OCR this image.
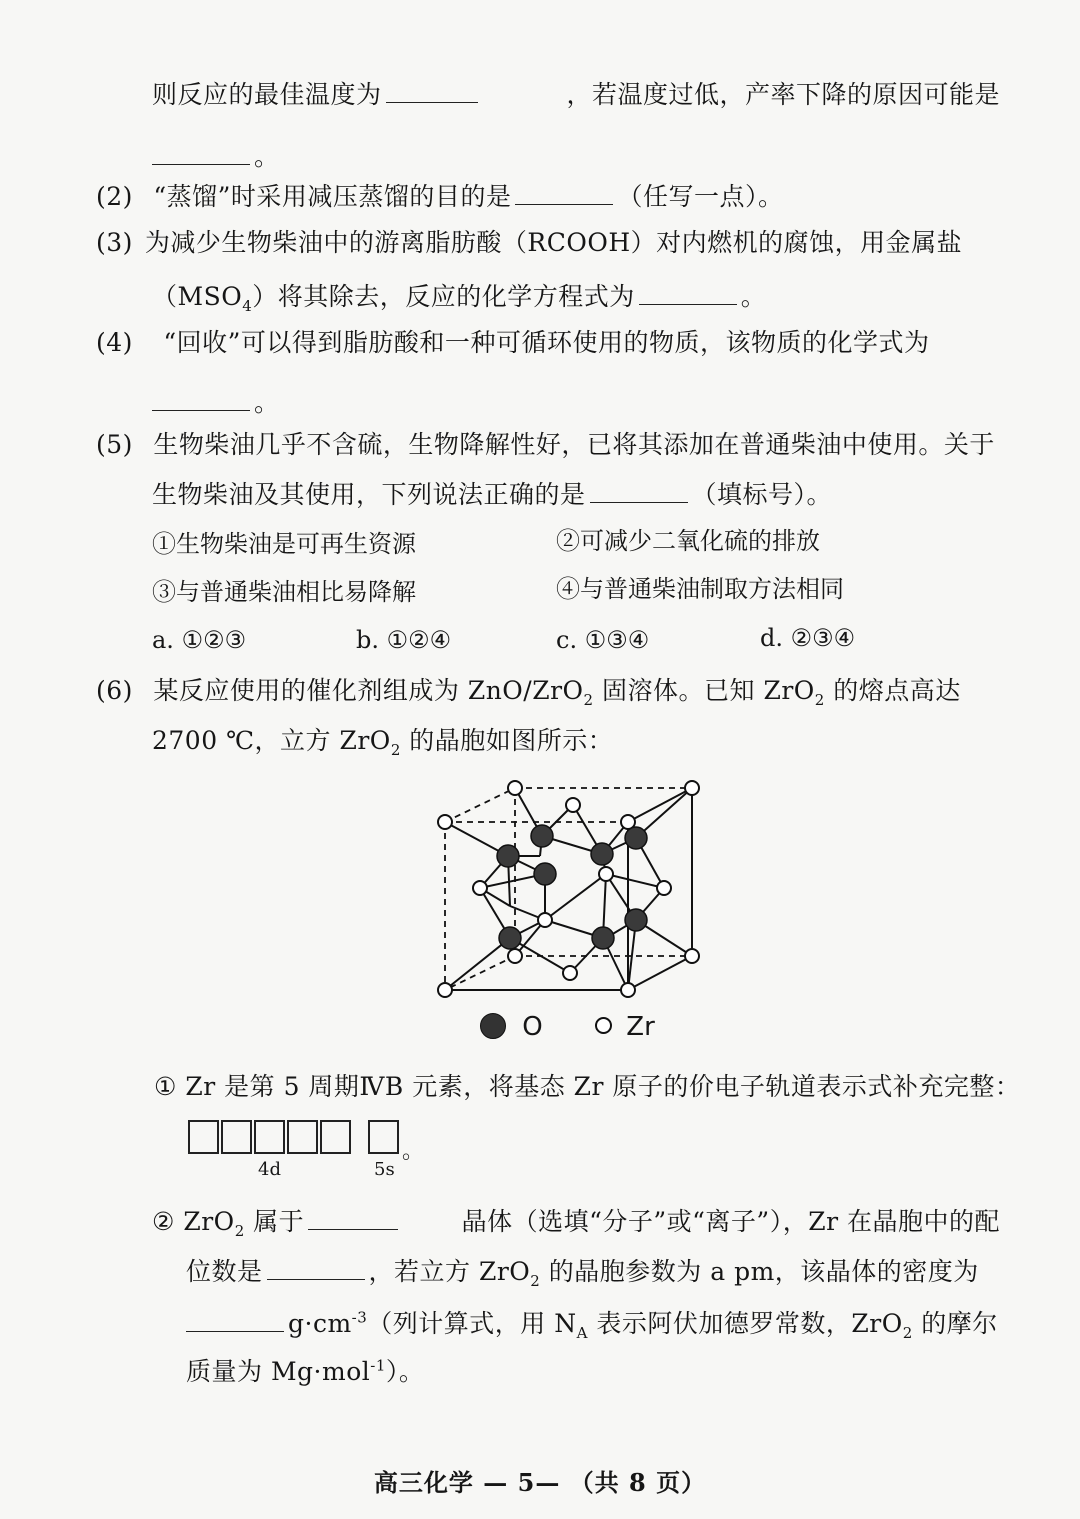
则反应的最佳温度为	，若温度过低，产率下降的原因可能是
。
(2) “蒸馏”时采用减压蒸馏的目的是	（任写一点）。
(3) 为减少生物柴油中的游离脂肪酸（RCOOH）对内燃机的腐蚀，用金属盐
$(MSO_4)$将其除去，反应的化学方程式为	。
(4) “回收”可以得到脂肪酸和一种可循环使用的物质，该物质的化学式为
。
(5) 生物柴油几乎不含硫，生物降解性好，已将其添加在普通柴油中使用。关于
生物柴油及其使用，下列说法正确的是	（填标号）。
①生物柴油是可再生资源	②可减少二氧化硫的排放
③与普通柴油相比易降解	④与普通柴油制取方法相同
a. ①②③	b. ①②④	c. ①③④	d. ②③④
(6) 某反应使用的催化剂组成为 ZnO/ZrO$_2$ 固溶体。已知 ZrO$_2$ 的熔点高达
2700 ℃，立方 ZrO$_2$ 的晶胞如图所示：
O	Zr
① Zr 是第 5 周期ⅣB 元素，将基态 Zr 原子的价电子轨道表示式补充完整：
4d	5s
。
② ZrO$_2$ 属于	晶体（选填“分子”或“离子”），Zr 在晶胞中的配
位数是	，若立方 ZrO$_2$ 的晶胞参数为 a pm，该晶体的密度为
$g\cdot cm^{-3}$（列计算式，用 $N_A$ 表示阿伏加德罗常数，ZrO$_2$ 的摩尔
质量为 Mg·mol$^{-1}$）。
高三化学 — 5— （共 8 页）
